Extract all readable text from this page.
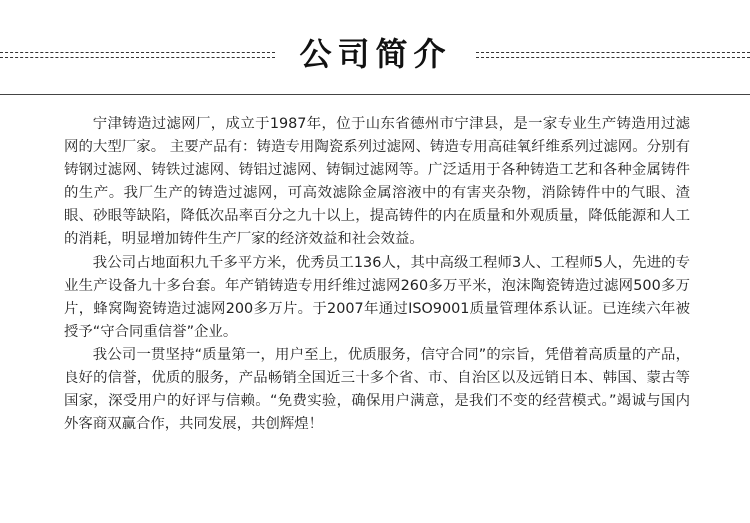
公司简介

宁津铸造过滤网厂，成立于1987年，位于山东省德州市宁津县，是一家专业生产铸造用过滤网的大型厂家。 主要产品有：铸造专用陶瓷系列过滤网、铸造专用高硅氧纤维系列过滤网。分别有铸钢过滤网、铸铁过滤网、铸铝过滤网、铸铜过滤网等。广泛适用于各种铸造工艺和各种金属铸件的生产。我厂生产的铸造过滤网，可高效滤除金属溶液中的有害夹杂物，消除铸件中的气眼、渣眼、砂眼等缺陷，降低次品率百分之九十以上，提高铸件的内在质量和外观质量，降低能源和人工的消耗，明显增加铸件生产厂家的经济效益和社会效益。

我公司占地面积九千多平方米，优秀员工136人，其中高级工程师3人、工程师5人，先进的专业生产设备九十多台套。年产销铸造专用纤维过滤网260多万平米，泡沫陶瓷铸造过滤网500多万片，蜂窝陶瓷铸造过滤网200多万片。于2007年通过ISO9001质量管理体系认证。已连续六年被授予“守合同重信誉”企业。

我公司一贯坚持“质量第一，用户至上，优质服务，信守合同”的宗旨，凭借着高质量的产品，良好的信誉，优质的服务，产品畅销全国近三十多个省、市、自治区以及远销日本、韩国、蒙古等国家，深受用户的好评与信赖。“免费实验，确保用户满意，是我们不变的经营模式。”竭诚与国内外客商双赢合作，共同发展，共创辉煌！
